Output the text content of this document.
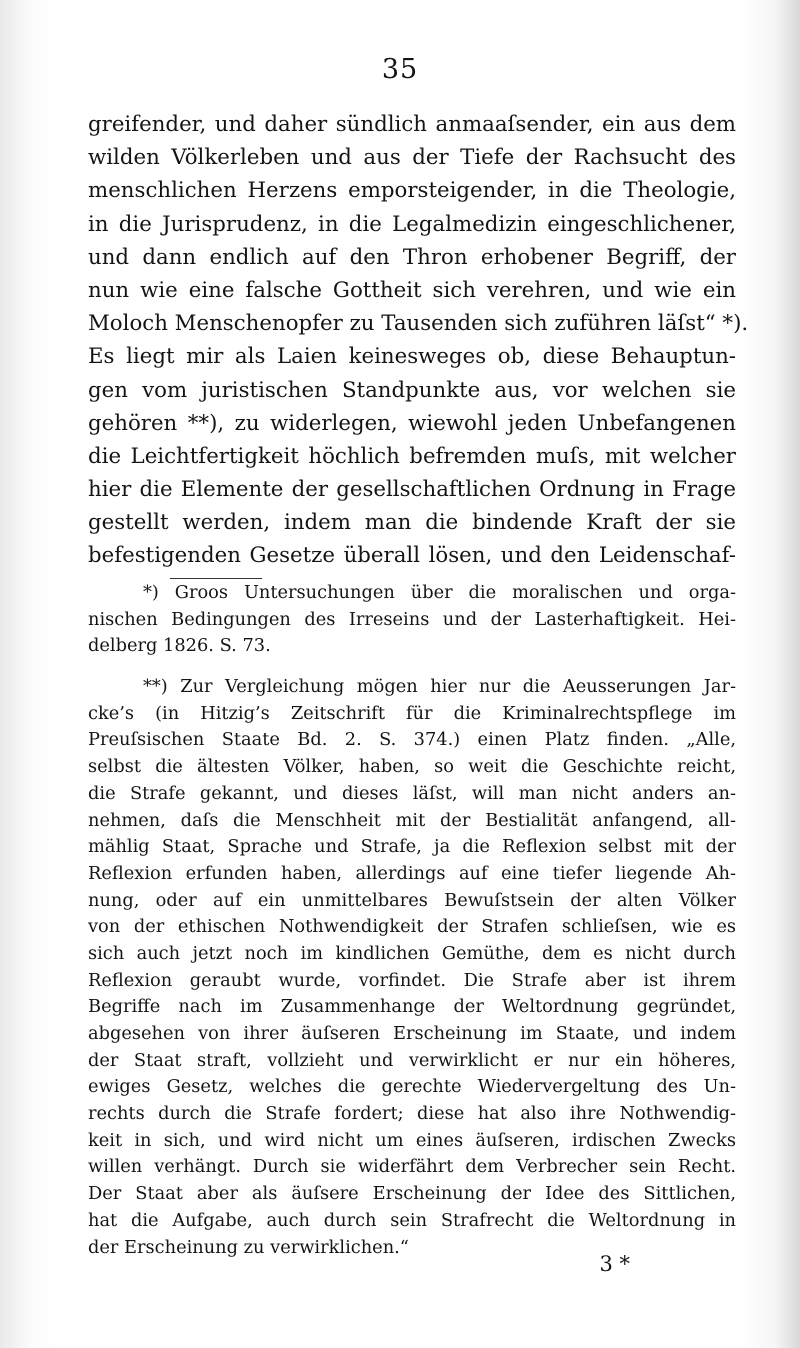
35
greifender, und daher sündlich anmaaſsender, ein aus dem
wilden Völkerleben und aus der Tiefe der Rachsucht des
menschlichen Herzens emporsteigender, in die Theologie,
in die Jurisprudenz, in die Legalmedizin eingeschlichener,
und dann endlich auf den Thron erhobener Begriff, der
nun wie eine falsche Gottheit sich verehren, und wie ein
Moloch Menschenopfer zu Tausenden sich zuführen läſst“ *).
Es liegt mir als Laien keinesweges ob, diese Behauptun-
gen vom juristischen Standpunkte aus, vor welchen sie
gehören **), zu widerlegen, wiewohl jeden Unbefangenen
die Leichtfertigkeit höchlich befremden muſs, mit welcher
hier die Elemente der gesellschaftlichen Ordnung in Frage
gestellt werden, indem man die bindende Kraft der sie
befestigenden Gesetze überall lösen, und den Leidenschaf-
*) Groos Untersuchungen über die moralischen und orga-
nischen Bedingungen des Irreseins und der Lasterhaftigkeit. Hei-
delberg 1826. S. 73.
**) Zur Vergleichung mögen hier nur die Aeusserungen Jar-
cke’s (in Hitzig’s Zeitschrift für die Kriminalrechtspflege im
Preuſsischen Staate Bd. 2. S. 374.) einen Platz finden. „Alle,
selbst die ältesten Völker, haben, so weit die Geschichte reicht,
die Strafe gekannt, und dieses läſst, will man nicht anders an-
nehmen, daſs die Menschheit mit der Bestialität anfangend, all-
mählig Staat, Sprache und Strafe, ja die Reflexion selbst mit der
Reflexion erfunden haben, allerdings auf eine tiefer liegende Ah-
nung, oder auf ein unmittelbares Bewuſstsein der alten Völker
von der ethischen Nothwendigkeit der Strafen schlieſsen, wie es
sich auch jetzt noch im kindlichen Gemüthe, dem es nicht durch
Reflexion geraubt wurde, vorfindet. Die Strafe aber ist ihrem
Begriffe nach im Zusammenhange der Weltordnung gegründet,
abgesehen von ihrer äuſseren Erscheinung im Staate, und indem
der Staat straft, vollzieht und verwirklicht er nur ein höheres,
ewiges Gesetz, welches die gerechte Wiedervergeltung des Un-
rechts durch die Strafe fordert; diese hat also ihre Nothwendig-
keit in sich, und wird nicht um eines äuſseren, irdischen Zwecks
willen verhängt. Durch sie widerfährt dem Verbrecher sein Recht.
Der Staat aber als äuſsere Erscheinung der Idee des Sittlichen,
hat die Aufgabe, auch durch sein Strafrecht die Weltordnung in
der Erscheinung zu verwirklichen.“
3 *
